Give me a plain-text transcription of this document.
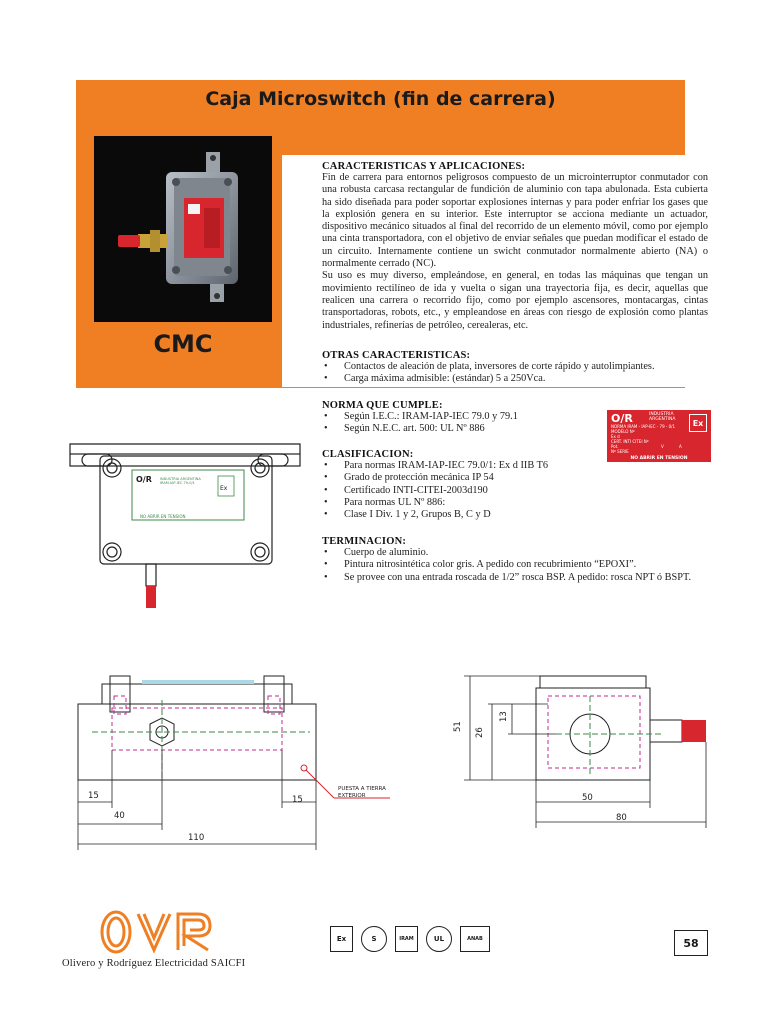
Caja Microswitch (fin de carrera)
CMC
CARACTERISTICAS Y APLICACIONES:
Fin de carrera para entornos peligrosos compuesto de un microinterruptor conmutador con una robusta carcasa rectangular de fundición de aluminio con tapa abulonada. Esta cubierta ha sido diseñada para poder soportar explosiones internas y para poder enfriar los gases que la explosión genera en su interior. Este interruptor se acciona mediante un actuador, dispositivo mecánico situados al final del recorrido de un elemento móvil, como por ejemplo una cinta transportadora, con el objetivo de enviar señales que puedan modificar el estado de un circuito. Internamente contiene un swicht conmutador normalmente abierto (NA) o normalmente cerrado (NC).
Su uso es muy diverso, empleándose, en general, en todas las máquinas que tengan un movimiento rectilíneo de ida y vuelta o sigan una trayectoria fija, es decir, aquellas que realicen una carrera o recorrido fijo, como por ejemplo ascensores, montacargas, cintas transportadoras, robots, etc., y empleandose en áreas con riesgo de explosión como plantas industriales, refinerías de petróleo, cerealeras, etc.
OTRAS CARACTERISTICAS:
• Contactos de aleación de plata, inversores de corte rápido y autolimpiantes.
• Carga máxima admisible: (estándar) 5 a 250Vca.
NORMA QUE CUMPLE:
• Según I.E.C.: IRAM-IAP-IEC 79.0 y 79.1
• Según N.E.C. art. 500: UL Nº 886
CLASIFICACION:
• Para normas IRAM-IAP-IEC 79.0/1: Ex d IIB T6
• Grado de protección mecánica IP 54
• Certificado INTI-CITEI-2003d190
• Para normas UL Nº 886:
• Clase I Div. 1 y 2, Grupos B, C y D
TERMINACION:
• Cuerpo de aluminio.
• Pintura nitrosintética color gris. A pedido con recubrimiento “EPOXI”.
• Se provee con una entrada roscada de 1/2” rosca BSP. A pedido: rosca NPT ó BSPT.
O∕R	INDUSTRIA
ARGENTINA
NORMA IRAM - IAP-IEC - 79 - 0/1
MODELO Nº
Ex d
CERT. INTI CITEI Nº
Pot.
Nº SERIE
V	A
Ex
NO ABRIR EN TENSION
O∕R INDUSTRIA ARGENTINA
IRAM-IAP-IEC 79-0/1
Ex
NO ABRIR EN TENSION
PUESTA A TIERRA
EXTERIOR
15	15
40
110
51
26
13
50
80
O/R
Olivero y Rodríguez Electricidad SAICFI
Ex	S	IRAM	UL	ANAB	58
